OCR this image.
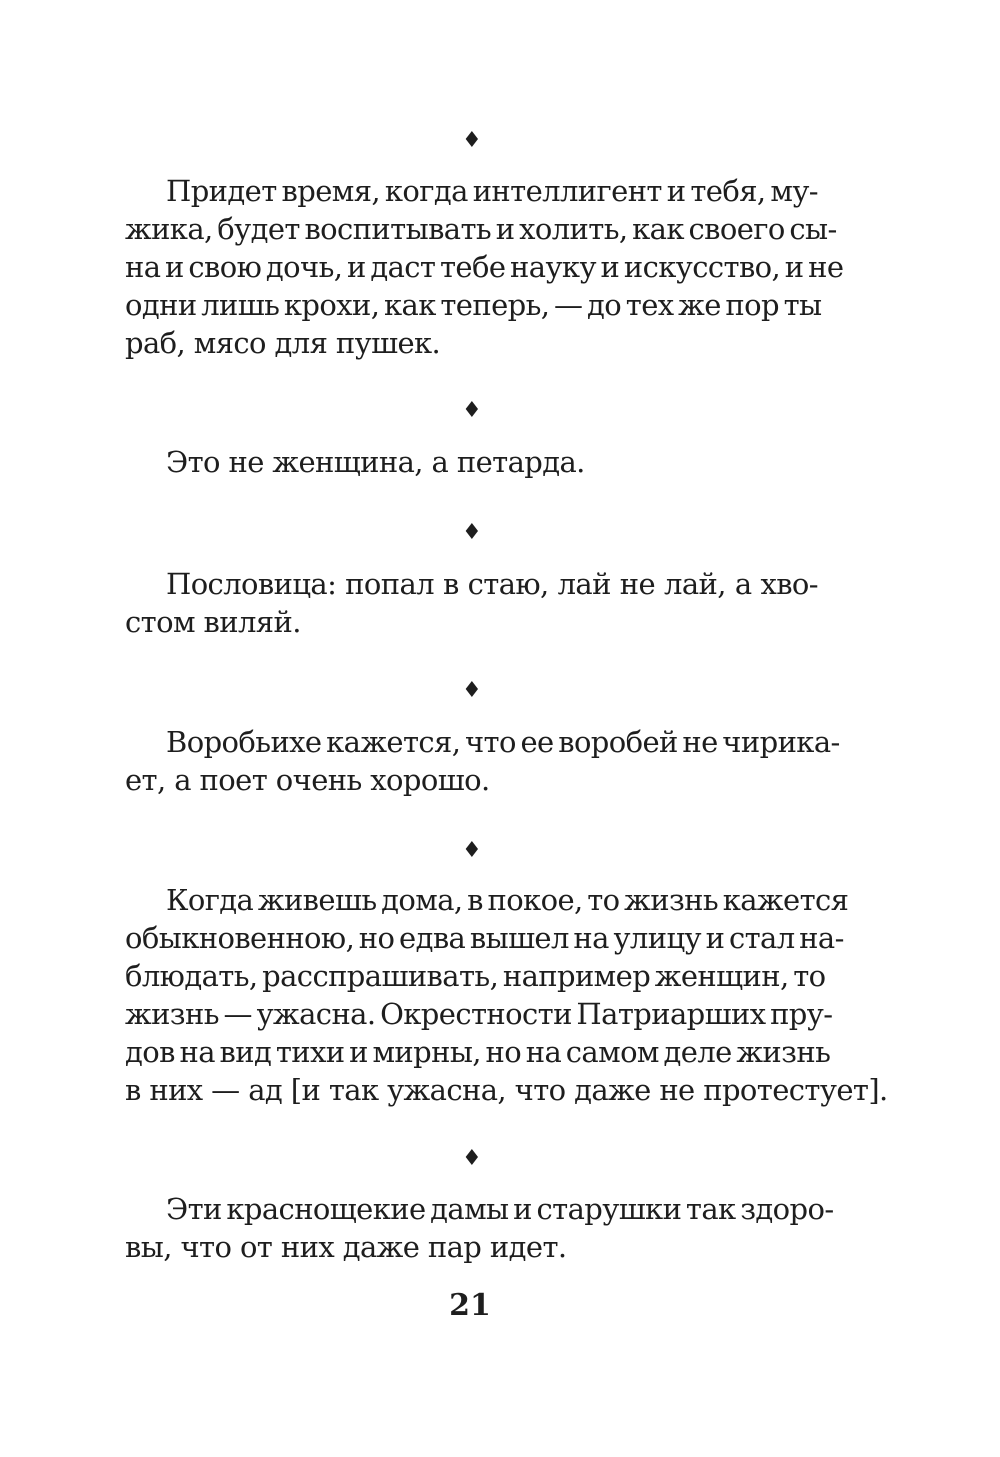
♦
Придет время, когда интеллигент и тебя, му-
жика, будет воспитывать и холить, как своего сы-
на и свою дочь, и даст тебе науку и искусство, и не
одни лишь крохи, как теперь, — до тех же пор ты
раб, мясо для пушек.
♦
Это не женщина, а петарда.
♦
Пословица: попал в стаю, лай не лай, а хво-
стом виляй.
♦
Воробьихе кажется, что ее воробей не чирика-
ет, а поет очень хорошо.
♦
Когда живешь дома, в покое, то жизнь кажется
обыкновенною, но едва вышел на улицу и стал на-
блюдать, расспрашивать, например женщин, то
жизнь — ужасна. Окрестности Патриарших пру-
дов на вид тихи и мирны, но на самом деле жизнь
в них — ад [и так ужасна, что даже не протестует].
♦
Эти краснощекие дамы и старушки так здоро-
вы, что от них даже пар идет.
21
